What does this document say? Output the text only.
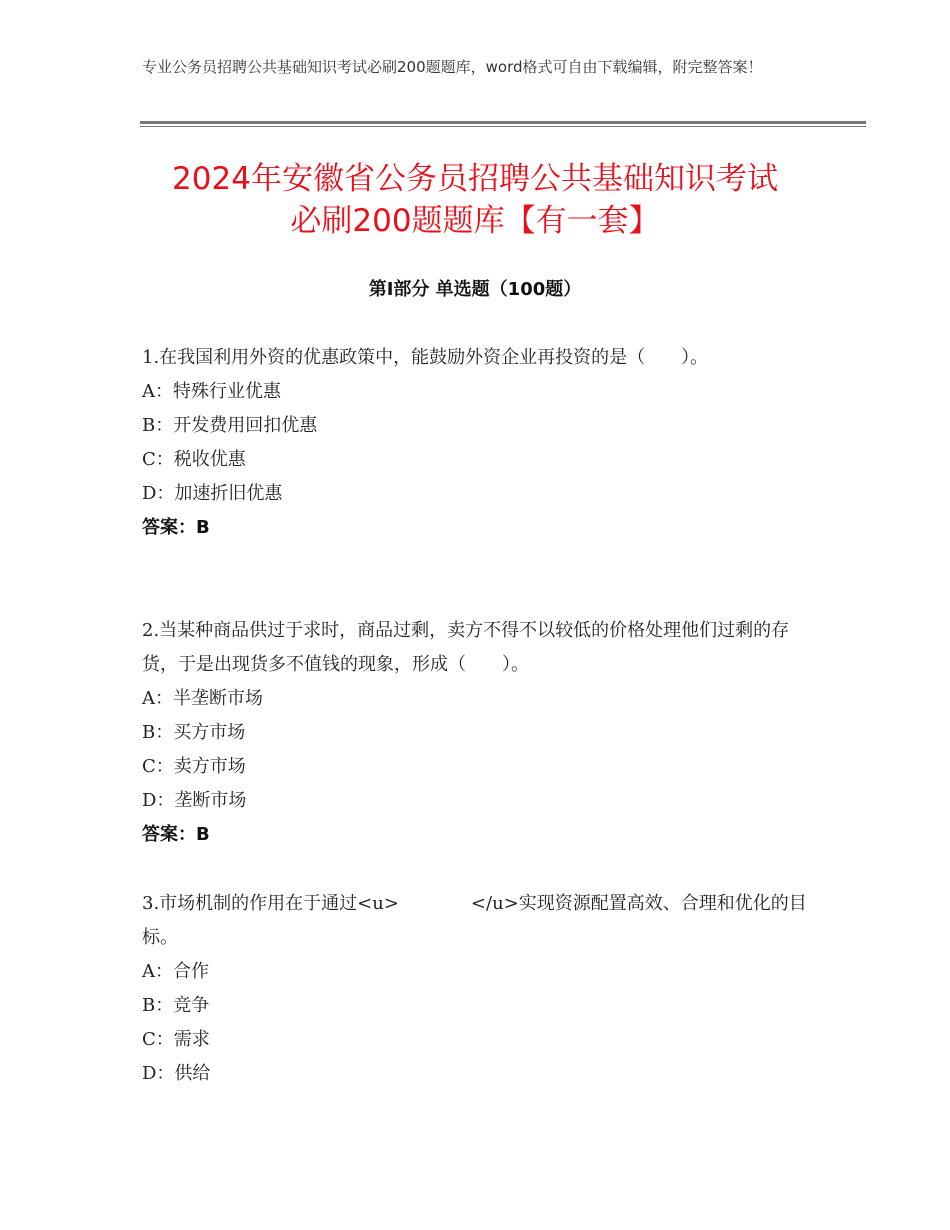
专业公务员招聘公共基础知识考试必刷200题题库，word格式可自由下载编辑，附完整答案！
2024年安徽省公务员招聘公共基础知识考试
必刷200题题库【有一套】
第Ⅰ部分 单选题（100题）

1.在我国利用外资的优惠政策中，能鼓励外资企业再投资的是（　　）。

A：特殊行业优惠

B：开发费用回扣优惠

C：税收优惠

D：加速折旧优惠

答案：B

2.当某种商品供过于求时，商品过剩，卖方不得不以较低的价格处理他们过剩的存货，于是出现货多不值钱的现象，形成（　　）。

A：半垄断市场

B：买方市场

C：卖方市场

D：垄断市场

答案：B

3.市场机制的作用在于通过<u>　　　　</u>实现资源配置高效、合理和优化的目标。

A：合作

B：竞争

C：需求

D：供给
